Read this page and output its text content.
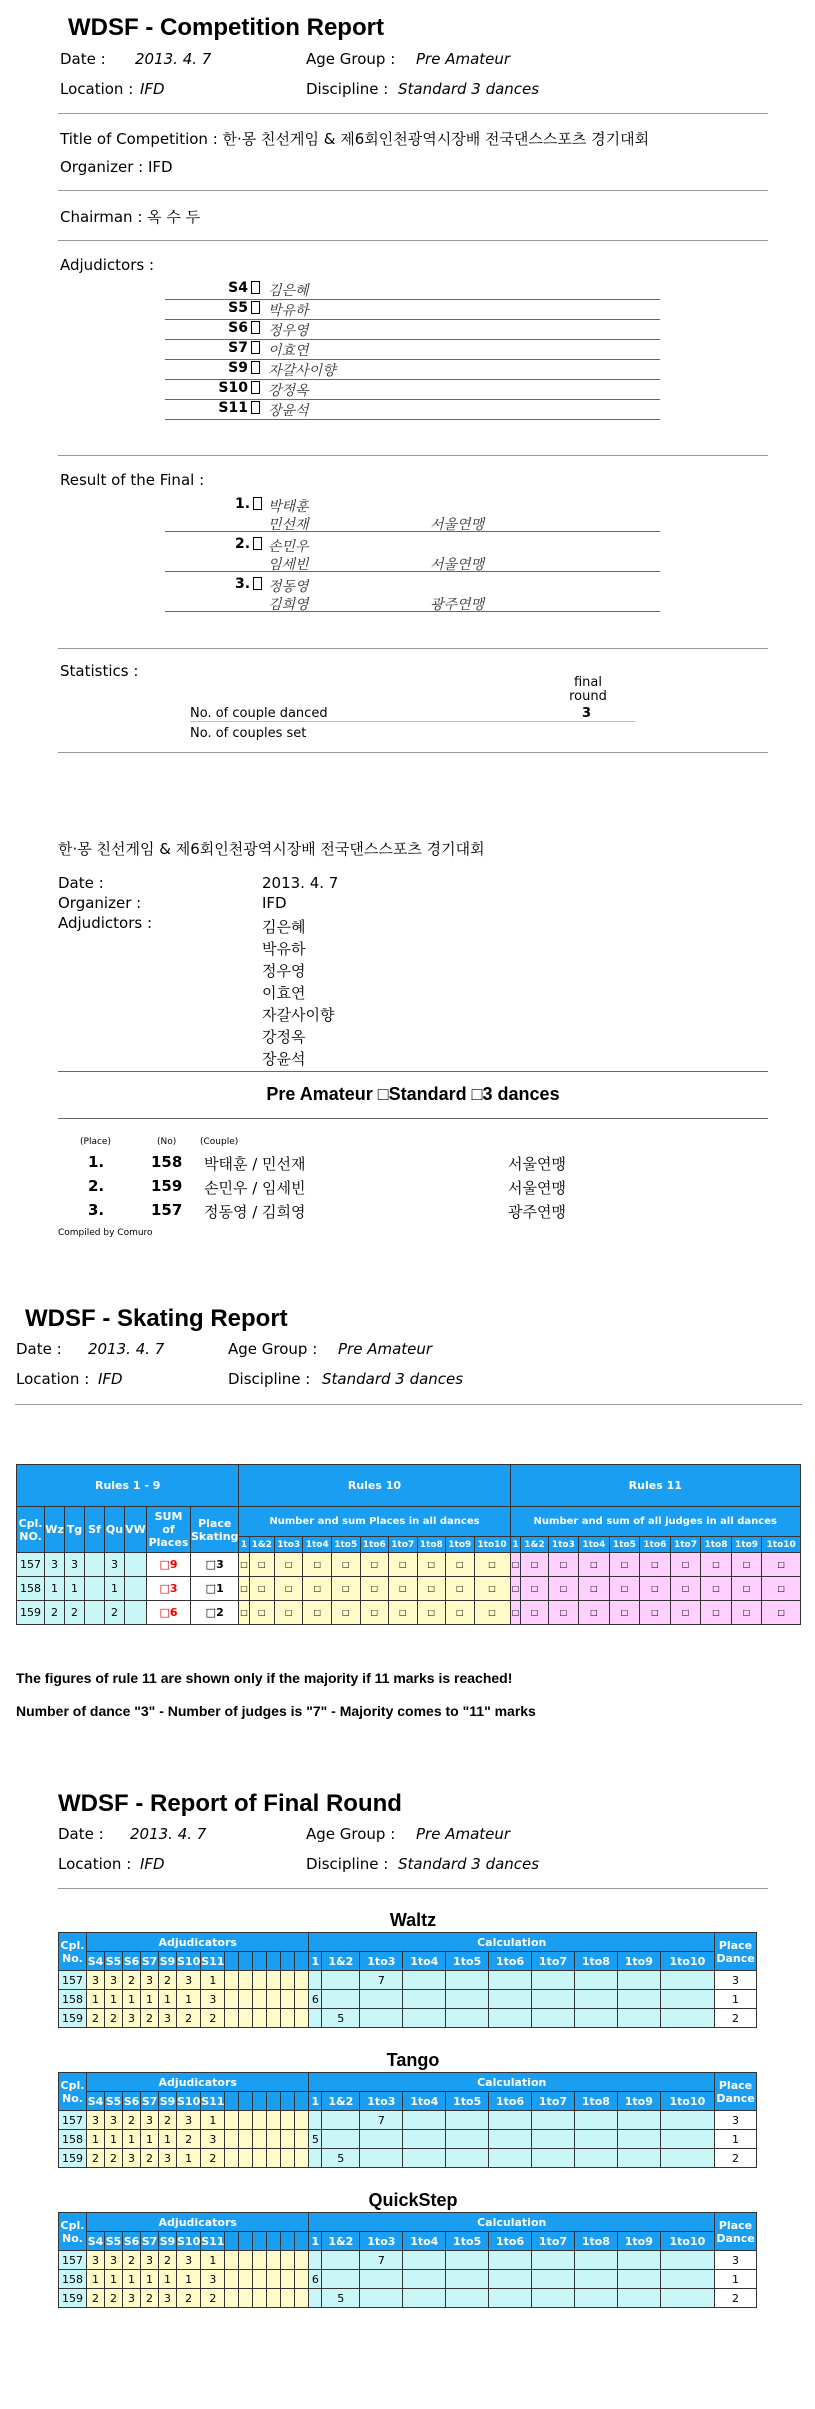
WDSF - Competition Report
Date : 2013. 4. 7	Age Group : Pre Amateur
Location : IFD	Discipline : Standard 3 dances
Title of Competition : 한·몽 친선게임 & 제6회인천광역시장배 전국댄스스포츠 경기대회
Organizer : IFD
Chairman : 옥 수 두
Adjudictors :
S4	김은혜
S5	박유하
S6	정우영
S7	이효연
S9	자갈사이향
S10	강정옥
S11	장윤석
Result of the Final :
1.	박태훈
민선재	서울연맹
2.	손민우
임세빈	서울연맹
3.	정동영
김희영	광주연맹
Statistics :
final round
No. of couple danced	3
No. of couples set
한·몽 친선게임 & 제6회인천광역시장배 전국댄스스포츠 경기대회
Date :	2013. 4. 7
Organizer :	IFD
Adjudictors :	김은혜
박유하
정우영
이효연
자갈사이향
강정옥
장윤석
Pre Amateur □Standard □3 dances
(Place)	(No)	(Couple)
1.	158 박태훈 / 민선재	서울연맹
2.	159 손민우 / 임세빈	서울연맹
3.	157 정동영 / 김희영	광주연맹
Compiled by Comuro
WDSF - Skating Report
Date : 2013. 4. 7	Age Group : Pre Amateur
Location : IFD	Discipline : Standard 3 dances
Rules 1 - 9								Rules 10										Rules 11									
Cpl. NO.	Wz	Tg	Sf	Qu	VW	SUM of Places	Place Skating	Number and sum Places in all dances										Number and sum of all judges in all dances									
								1	1&2	1to3	1to4	1to5	1to6	1to7	1to8	1to9	1to10	1	1&2	1to3	1to4	1to5	1to6	1to7	1to8	1to9	1to10
157	3	3		3		□9	□3	□	□	□	□	□	□	□	□	□	□	□	□	□	□	□	□	□	□	□	□
158	1	1		1		□3	□1	□	□	□	□	□	□	□	□	□	□	□	□	□	□	□	□	□	□	□	□
159	2	2		2		□6	□2	□	□	□	□	□	□	□	□	□	□	□	□	□	□	□	□	□	□	□	□
The figures of rule 11 are shown only if the majority if 11 marks is reached!
Number of dance "3" - Number of judges is "7" - Majority comes to "11" marks
WDSF - Report of Final Round
Date : 2013. 4. 7	Age Group : Pre Amateur
Location : IFD	Discipline : Standard 3 dances
Waltz
Cpl. No.	Adjudicators													Calculation										Place Dance
	S4	S5	S6	S7	S9	S10	S11							1	1&2	1to3	1to4	1to5	1to6	1to7	1to8	1to9	1to10	
157	3	3	2	3	2	3	1									7								3
158	1	1	1	1	1	1	3							6										1
159	2	2	3	2	3	2	2								5									2
Tango
Cpl. No.	Adjudicators													Calculation										Place Dance
	S4	S5	S6	S7	S9	S10	S11							1	1&2	1to3	1to4	1to5	1to6	1to7	1to8	1to9	1to10	
157	3	3	2	3	2	3	1									7								3
158	1	1	1	1	1	2	3							5										1
159	2	2	3	2	3	1	2								5									2
QuickStep
Cpl. No.	Adjudicators													Calculation										Place Dance
	S4	S5	S6	S7	S9	S10	S11							1	1&2	1to3	1to4	1to5	1to6	1to7	1to8	1to9	1to10	
157	3	3	2	3	2	3	1									7								3
158	1	1	1	1	1	1	3							6										1
159	2	2	3	2	3	2	2								5									2
